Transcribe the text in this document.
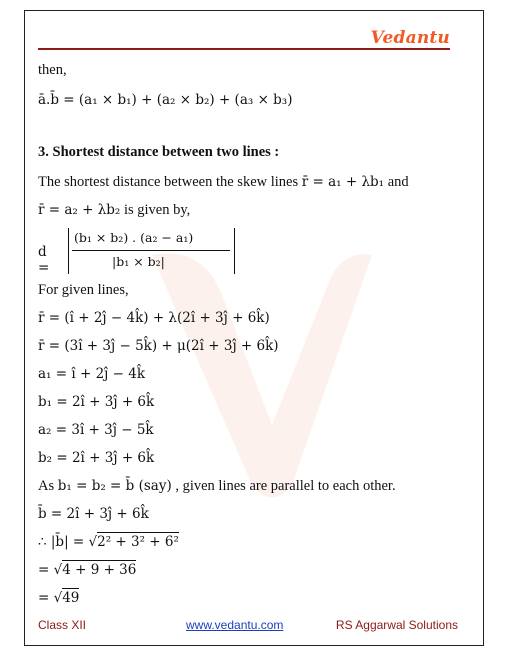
Vedantu
then,
ā.b̄ = (a₁ × b₁) + (a₂ × b₂) + (a₃ × b₃)
3. Shortest distance between two lines :
The shortest distance between the skew lines r̄ = a₁ + λb₁ and
r̄ = a₂ + λb₂ is given by,
d =
(b₁ × b₂) . (a₂ − a₁)
|b₁ × b₂|
For given lines,
r̄ = (î + 2ĵ − 4k̂) + λ(2î + 3ĵ + 6k̂)
r̄ = (3î + 3ĵ − 5k̂) + μ(2î + 3ĵ + 6k̂)
a₁ = î + 2ĵ − 4k̂
b₁ = 2î + 3ĵ + 6k̂
a₂ = 3î + 3ĵ − 5k̂
b₂ = 2î + 3ĵ + 6k̂
As b₁ = b₂ = b̄ (say) , given lines are parallel to each other.
b̄ = 2î + 3ĵ + 6k̂
∴ |b̄| = √2² + 3² + 6²
= √4 + 9 + 36
= √49
Class XII	www.vedantu.com	RS Aggarwal Solutions
